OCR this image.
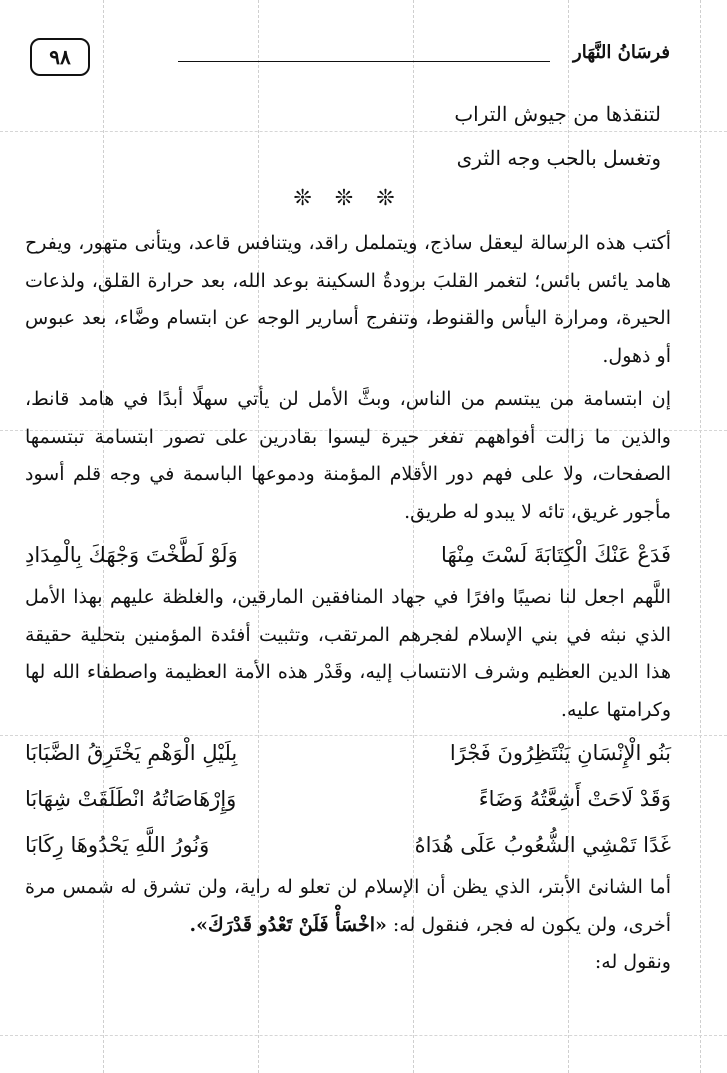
٩٨	فرسَانُ النَّهَار

لتنقذها من جيوش التراب

وتغسل بالحب وجه الثرى

❊ ❊ ❊

أكتب هذه الرسالة ليعقل ساذج، ويتململ راقد، ويتنافس قاعد، ويتأنى متهور، ويفرح هامد يائس بائس؛ لتغمر القلبَ برودةُ السكينة بوعد الله، بعد حرارة القلق، ولذعات الحيرة، ومرارة اليأس والقنوط، وتنفرج أسارير الوجه عن ابتسام وضَّاء، بعد عبوس أو ذهول.

إن ابتسامة من يبتسم من الناس، وبثَّ الأمل لن يأتي سهلًا أبدًا في هامد قانط، والذين ما زالت أفواههم تفغر حيرة ليسوا بقادرين على تصور ابتسامة تبتسمها الصفحات، ولا على فهم دور الأقلام المؤمنة ودموعها الباسمة في وجه قلم أسود مأجور غريق، تائه لا يبدو له طريق.

فَدَعْ عَنْكَ الْكِتَابَةَ لَسْتَ مِنْهَا
وَلَوْ لَطَّخْتَ وَجْهَكَ بِالْمِدَادِ

اللَّهم اجعل لنا نصيبًا وافرًا في جهاد المنافقين المارقين، والغلظة عليهم بهذا الأمل الذي نبثه في بني الإسلام لفجرهم المرتقب، وتثبيت أفئدة المؤمنين بتحلية حقيقة هذا الدين العظيم وشرف الانتساب إليه، وقَدْر هذه الأمة العظيمة واصطفاء الله لها وكرامتها عليه.

بَنُو الْإِنْسَانِ يَنْتَظِرُونَ فَجْرًا
بِلَيْلِ الْوَهْمِ يَخْتَرِقُ الضَّبَابَا
وَقَدْ لَاحَتْ أَشِعَّتُهُ وَضَاءً
وَإِرْهَاصَاتُهُ انْطَلَقَتْ شِهَابَا
غَدًا تَمْشِي الشُّعُوبُ عَلَى هُدَاهُ
وَنُورُ اللَّهِ يَحْدُوهَا رِكَابَا

أما الشانئ الأبتر، الذي يظن أن الإسلام لن تعلو له راية، ولن تشرق له شمس مرة أخرى، ولن يكون له فجر، فنقول له: «اخْسَأْ فَلَنْ تَعْدُو قَدْرَكَ».

ونقول له:
